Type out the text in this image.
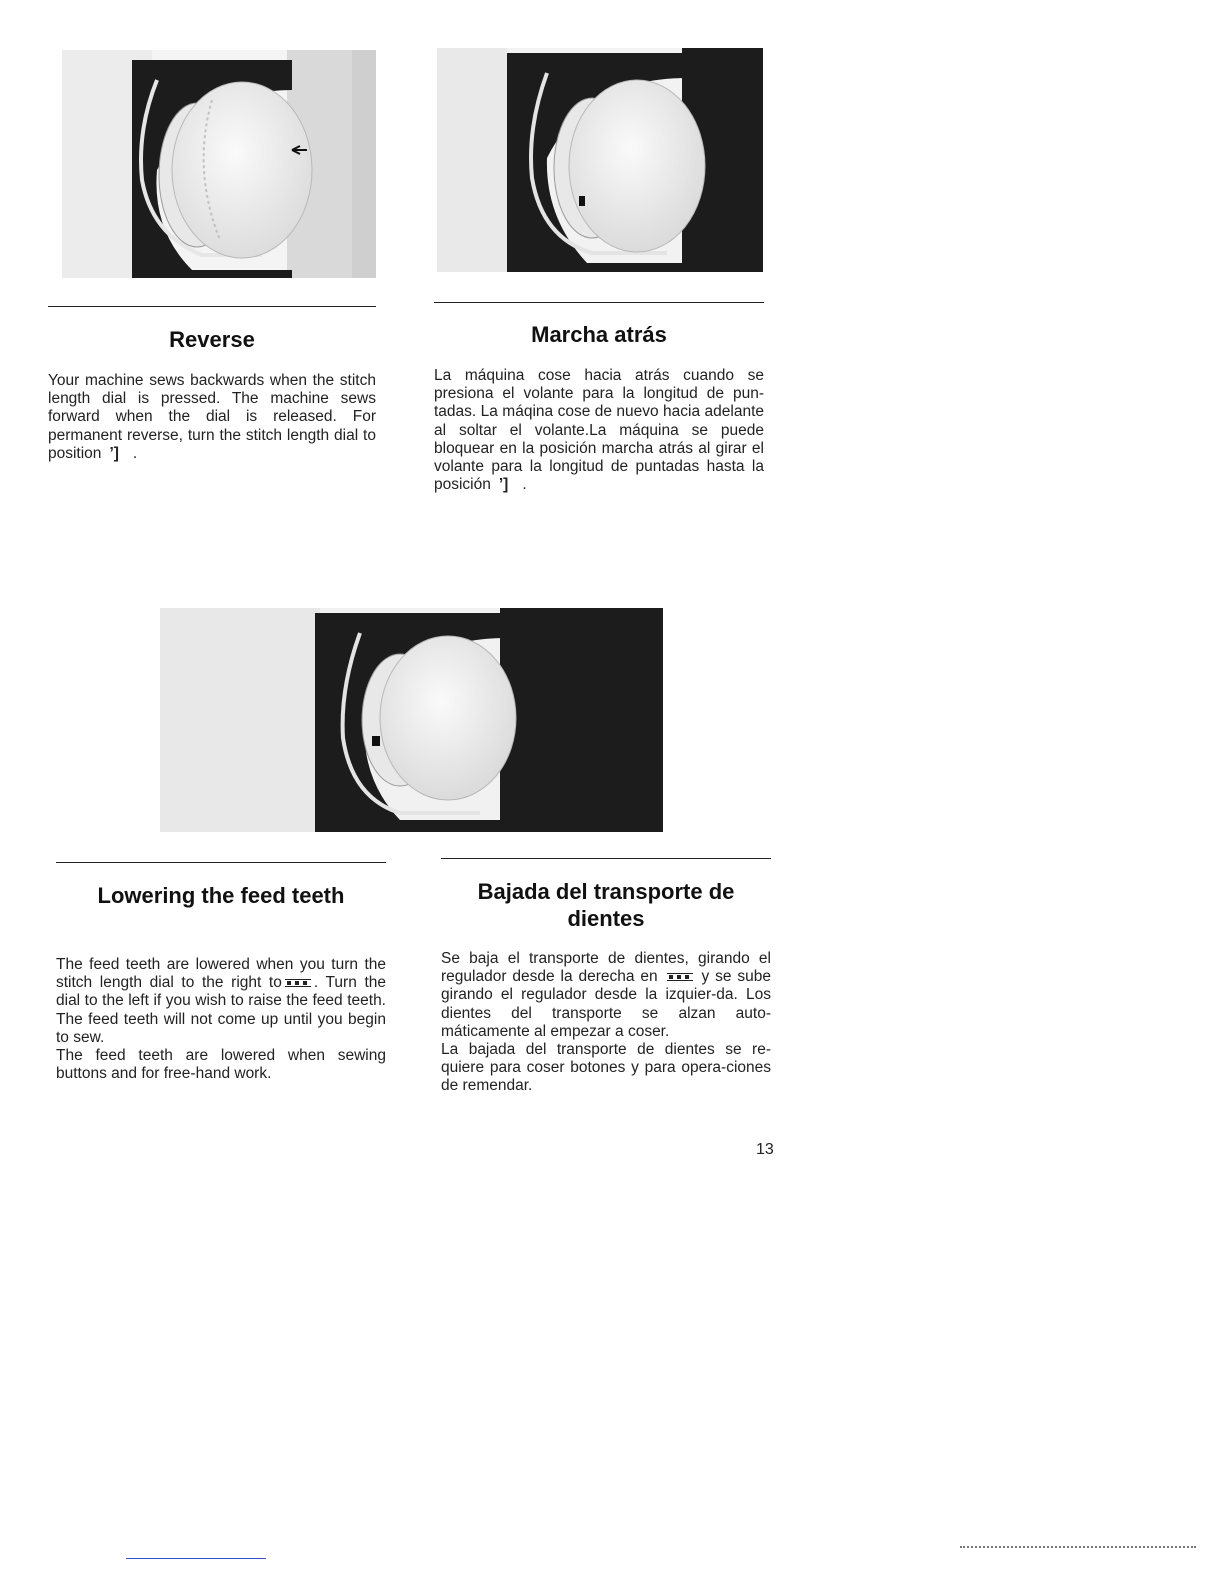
Reverse

Your machine sews backwards when the stitch length dial is pressed. The machine sews forward when the dial is released. For permanent reverse, turn the stitch length dial to position ʼ] .

Marcha atrás

La máquina cose hacia atrás cuando se presiona el volante para la longitud de pun-tadas. La máqina cose de nuevo hacia adelante al soltar el volante.La máquina se puede bloquear en la posición marcha atrás al girar el volante para la longitud de puntadas hasta la posición ʼ] .

Lowering the feed teeth

The feed teeth are lowered when you turn the stitch length dial to the right to . Turn the dial to the left if you wish to raise the feed teeth. The feed teeth will not come up until you begin to sew.

The feed teeth are lowered when sewing buttons and for free-hand work.

Bajada del transporte de dientes

Se baja el transporte de dientes, girando el regulador desde la derecha en	y se sube girando el regulador desde la izquier-da. Los dientes del transporte se alzan auto-máticamente al empezar a coser.

La bajada del transporte de dientes se re-quiere para coser botones y para opera-ciones de remendar.

13
